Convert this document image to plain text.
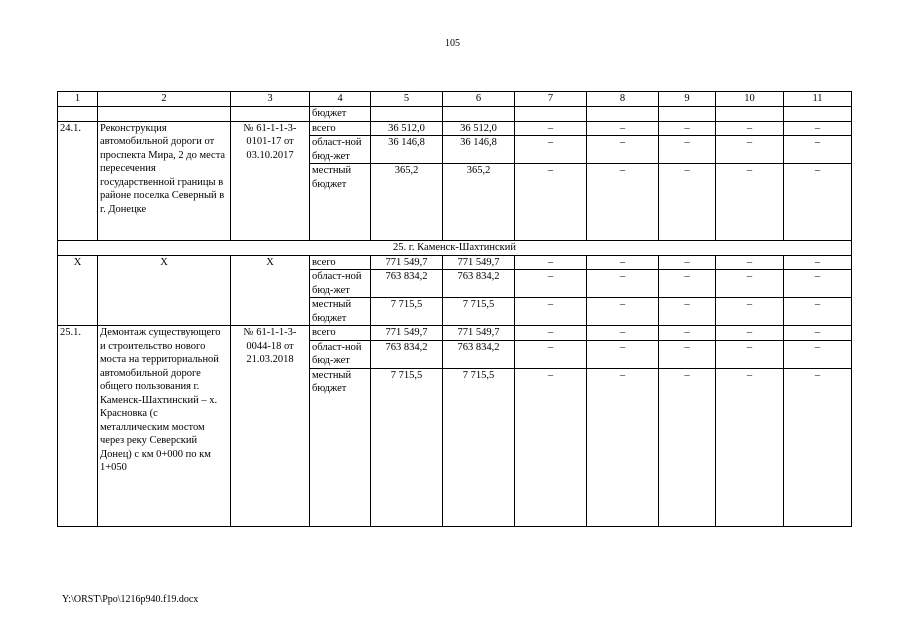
105
1	2	3	4	5	6	7	8	9	10	11
			бюджет							
24.1.	Реконструкция автомобильной дороги от проспекта Мира, 2 до места пересечения государственной границы в районе поселка Северный в г. Донецке	№ 61-1-1-3-0101-17 от 03.10.2017	всего	36 512,0	36 512,0	–	–	–	–	–
			област-ной бюд-жет	36 146,8	36 146,8	–	–	–	–	–
			местный бюджет	365,2	365,2	–	–	–	–	–
25. г. Каменск-Шахтинский										
Х	Х	Х	всего	771 549,7	771 549,7	–	–	–	–	–
			област-ной бюд-жет	763 834,2	763 834,2	–	–	–	–	–
			местный бюджет	7 715,5	7 715,5	–	–	–	–	–
25.1.	Демонтаж существующего и строительство нового моста на территориальной автомобильной дороге общего пользования г. Каменск-Шахтинский – х. Красновка (с металлическим мостом через реку Северский Донец) с км 0+000 по км 1+050	№ 61-1-1-3-0044-18 от 21.03.2018	всего	771 549,7	771 549,7	–	–	–	–	–
			област-ной бюд-жет	763 834,2	763 834,2	–	–	–	–	–
			местный бюджет	7 715,5	7 715,5	–	–	–	–	–
Y:\ORST\Ppo\1216p940.f19.docx
